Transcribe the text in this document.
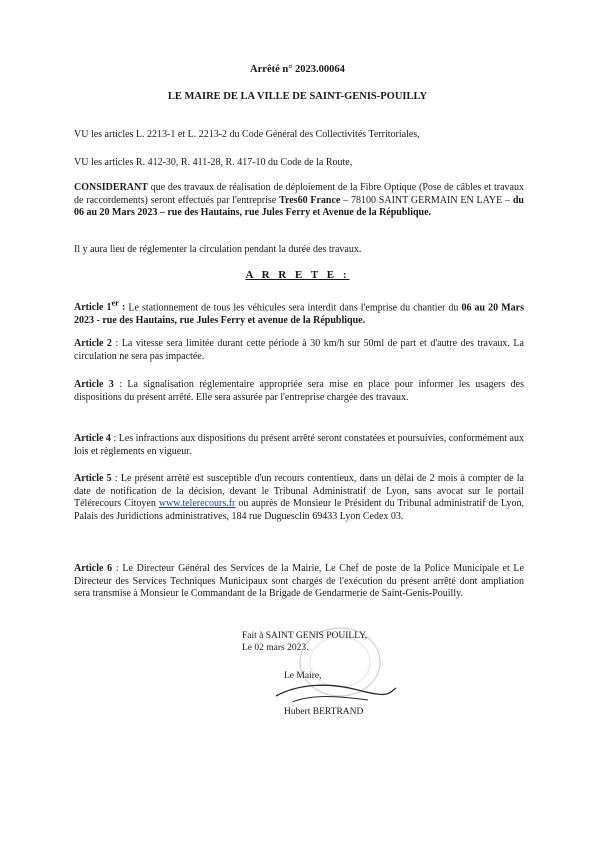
Arrêté n° 2023.00064
LE MAIRE DE LA VILLE DE SAINT-GENIS-POUILLY
VU les articles L. 2213-1 et L. 2213-2 du Code Général des Collectivités Territoriales,
VU les articles R. 412-30, R. 411-28, R. 417-10 du Code de la Route,
CONSIDERANT que des travaux de réalisation de déploiement de la Fibre Optique (Pose de câbles et travaux de raccordements) seront effectués par l'entreprise Tres60 France – 78100 SAINT GERMAIN EN LAYE – du 06 au 20 Mars 2023 – rue des Hautains, rue Jules Ferry et Avenue de la République.
Il y aura lieu de réglementer la circulation pendant la durée des travaux.
A R R E T E :
Article 1er : Le stationnement de tous les véhicules sera interdit dans l'emprise du chantier du 06 au 20 Mars 2023 - rue des Hautains, rue Jules Ferry et avenue de la République.
Article 2 : La vitesse sera limitée durant cette période à 30 km/h sur 50ml de part et d'autre des travaux. La circulation ne sera pas impactée.
Article 3 : La signalisation réglementaire appropriée sera mise en place pour informer les usagers des dispositions du présent arrêté. Elle sera assurée par l'entreprise chargée des travaux.
Article 4 : Les infractions aux dispositions du présent arrêté seront constatées et poursuivies, conformément aux lois et règlements en vigueur.
Article 5 : Le présent arrêté est susceptible d'un recours contentieux, dans un délai de 2 mois à compter de la date de notification de la décision, devant le Tribunal Administratif de Lyon, sans avocat sur le portail Télérecours Citoyen www.telerecours.fr ou auprès de Monsieur le Président du Tribunal administratif de Lyon, Palais des Juridictions administratives, 184 rue Duguesclin 69433 Lyon Cedex 03.
Article 6 : Le Directeur Général des Services de la Mairie, Le Chef de poste de la Police Municipale et Le Directeur des Services Techniques Municipaux sont chargés de l'exécution du présent arrêté dont ampliation sera transmise à Monsieur le Commandant de la Brigade de Gendarmerie de Saint-Genis-Pouilly.
Fait à SAINT GENIS POUILLY,
Le 02 mars 2023.
Le Maire,
Hubert BERTRAND
